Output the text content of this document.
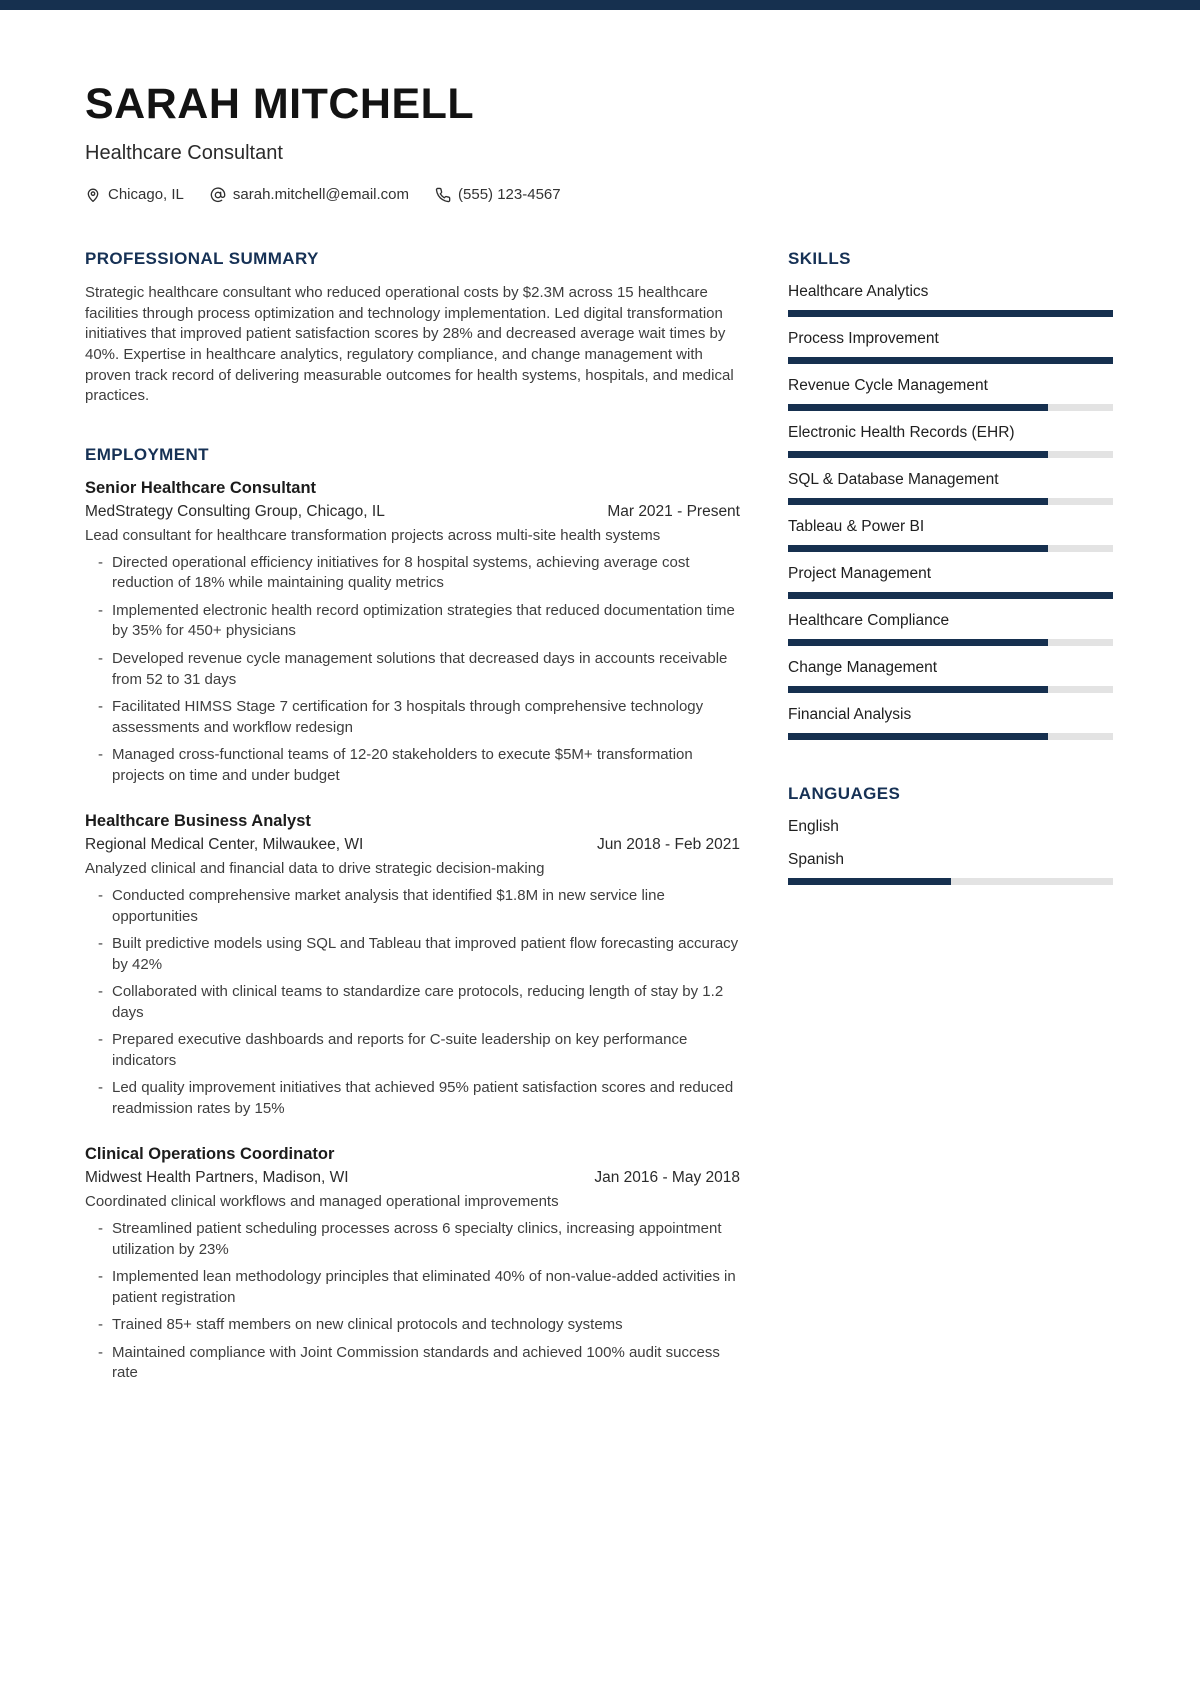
SARAH MITCHELL
Healthcare Consultant
Chicago, IL	sarah.mitchell@email.com	(555) 123-4567
PROFESSIONAL SUMMARY
Strategic healthcare consultant who reduced operational costs by $2.3M across 15 healthcare facilities through process optimization and technology implementation. Led digital transformation initiatives that improved patient satisfaction scores by 28% and decreased average wait times by 40%. Expertise in healthcare analytics, regulatory compliance, and change management with proven track record of delivering measurable outcomes for health systems, hospitals, and medical practices.
EMPLOYMENT
Senior Healthcare Consultant
MedStrategy Consulting Group, Chicago, IL	Mar 2021 - Present
Lead consultant for healthcare transformation projects across multi-site health systems
- Directed operational efficiency initiatives for 8 hospital systems, achieving average cost reduction of 18% while maintaining quality metrics
- Implemented electronic health record optimization strategies that reduced documentation time by 35% for 450+ physicians
- Developed revenue cycle management solutions that decreased days in accounts receivable from 52 to 31 days
- Facilitated HIMSS Stage 7 certification for 3 hospitals through comprehensive technology assessments and workflow redesign
- Managed cross-functional teams of 12-20 stakeholders to execute $5M+ transformation projects on time and under budget
Healthcare Business Analyst
Regional Medical Center, Milwaukee, WI	Jun 2018 - Feb 2021
Analyzed clinical and financial data to drive strategic decision-making
- Conducted comprehensive market analysis that identified $1.8M in new service line opportunities
- Built predictive models using SQL and Tableau that improved patient flow forecasting accuracy by 42%
- Collaborated with clinical teams to standardize care protocols, reducing length of stay by 1.2 days
- Prepared executive dashboards and reports for C-suite leadership on key performance indicators
- Led quality improvement initiatives that achieved 95% patient satisfaction scores and reduced readmission rates by 15%
Clinical Operations Coordinator
Midwest Health Partners, Madison, WI	Jan 2016 - May 2018
Coordinated clinical workflows and managed operational improvements
- Streamlined patient scheduling processes across 6 specialty clinics, increasing appointment utilization by 23%
- Implemented lean methodology principles that eliminated 40% of non-value-added activities in patient registration
- Trained 85+ staff members on new clinical protocols and technology systems
- Maintained compliance with Joint Commission standards and achieved 100% audit success rate
SKILLS
Healthcare Analytics
Process Improvement
Revenue Cycle Management
Electronic Health Records (EHR)
SQL & Database Management
Tableau & Power BI
Project Management
Healthcare Compliance
Change Management
Financial Analysis
LANGUAGES
English
Spanish
